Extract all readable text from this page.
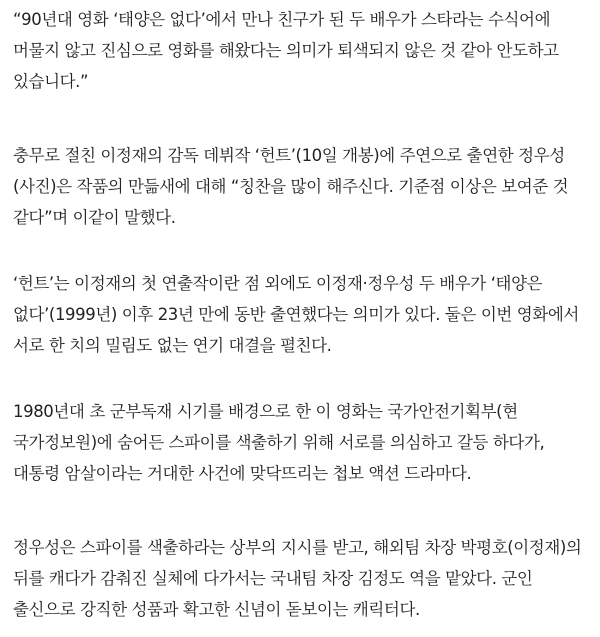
“90년대 영화 ‘태양은 없다’에서 만나 친구가 된 두 배우가 스타라는 수식어에
머물지 않고 진심으로 영화를 해왔다는 의미가 퇴색되지 않은 것 같아 안도하고
있습니다.”

충무로 절친 이정재의 감독 데뷔작 ‘헌트’(10일 개봉)에 주연으로 출연한 정우성
(사진)은 작품의 만듦새에 대해 “칭찬을 많이 해주신다. 기준점 이상은 보여준 것
같다”며 이같이 말했다.

‘헌트’는 이정재의 첫 연출작이란 점 외에도 이정재·정우성 두 배우가 ‘태양은
없다’(1999년) 이후 23년 만에 동반 출연했다는 의미가 있다. 둘은 이번 영화에서
서로 한 치의 밀림도 없는 연기 대결을 펼친다.

1980년대 초 군부독재 시기를 배경으로 한 이 영화는 국가안전기획부(현
국가정보원)에 숨어든 스파이를 색출하기 위해 서로를 의심하고 갈등 하다가,
대통령 암살이라는 거대한 사건에 맞닥뜨리는 첩보 액션 드라마다.

정우성은 스파이를 색출하라는 상부의 지시를 받고, 해외팀 차장 박평호(이정재)의
뒤를 캐다가 감춰진 실체에 다가서는 국내팀 차장 김정도 역을 맡았다. 군인
출신으로 강직한 성품과 확고한 신념이 돋보이는 캐릭터다.
